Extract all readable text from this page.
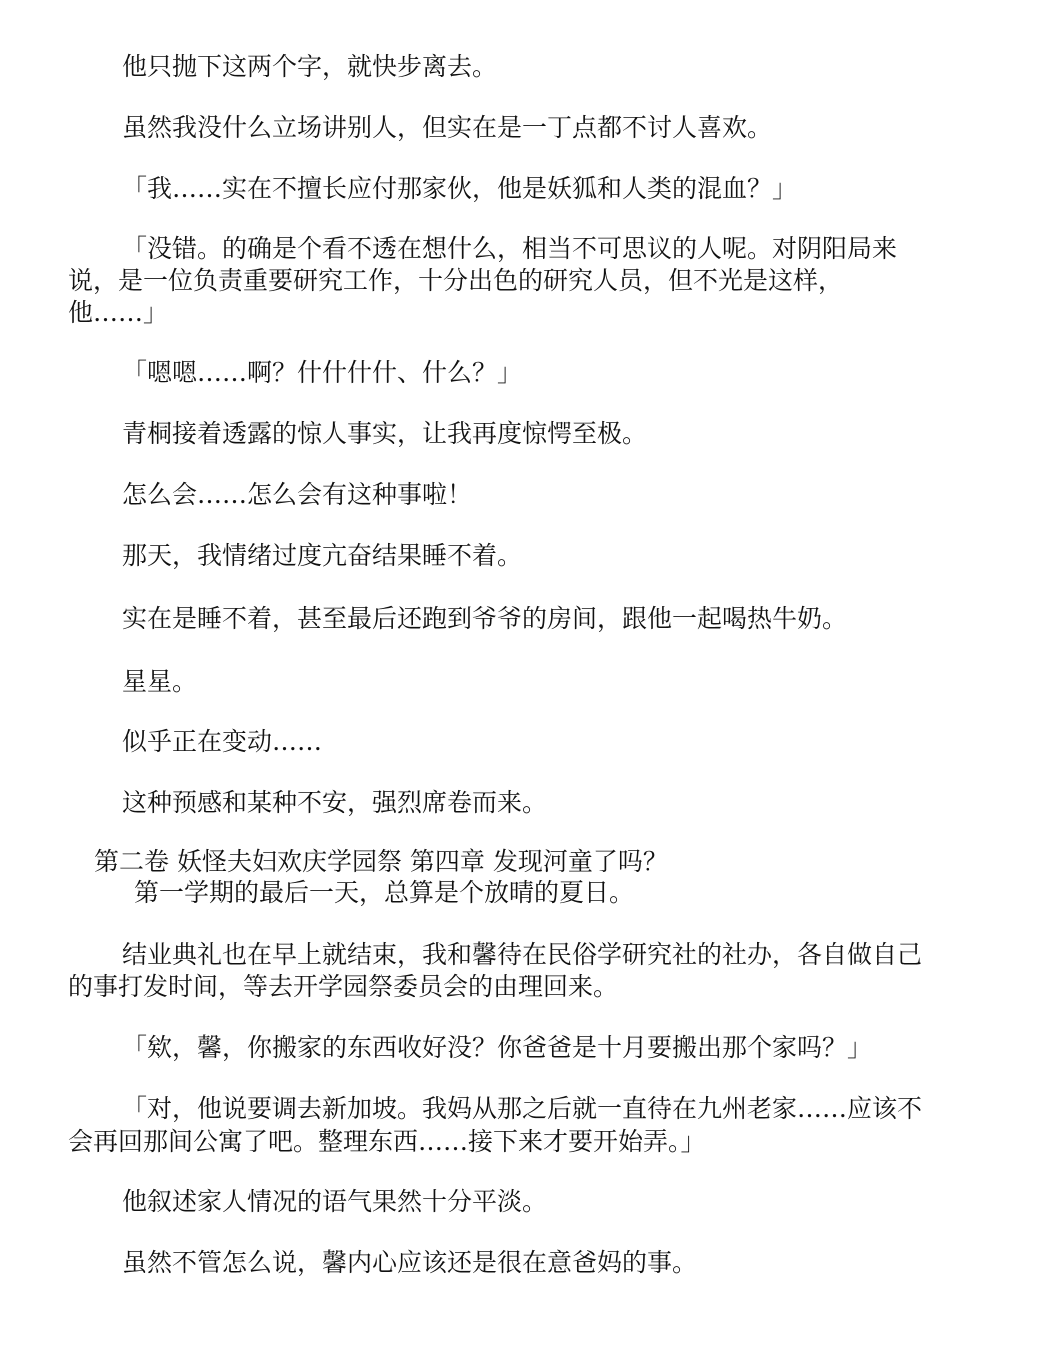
他只抛下这两个字，就快步离去。
虽然我没什么立场讲别人，但实在是一丁点都不讨人喜欢。
「我……实在不擅长应付那家伙，他是妖狐和人类的混血？」
「没错。的确是个看不透在想什么，相当不可思议的人呢。对阴阳局来
说，是一位负责重要研究工作，十分出色的研究人员，但不光是这样，
他……」
「嗯嗯……啊？什什什什、什么？」
青桐接着透露的惊人事实，让我再度惊愕至极。
怎么会……怎么会有这种事啦！
那天，我情绪过度亢奋结果睡不着。
实在是睡不着，甚至最后还跑到爷爷的房间，跟他一起喝热牛奶。
星星。
似乎正在变动……
这种预感和某种不安，强烈席卷而来。
第二卷 妖怪夫妇欢庆学园祭 第四章 发现河童了吗？
第一学期的最后一天，总算是个放晴的夏日。
结业典礼也在早上就结束，我和馨待在民俗学研究社的社办，各自做自己
的事打发时间，等去开学园祭委员会的由理回来。
「欸，馨，你搬家的东西收好没？你爸爸是十月要搬出那个家吗？」
「对，他说要调去新加坡。我妈从那之后就一直待在九州老家……应该不
会再回那间公寓了吧。整理东西……接下来才要开始弄。」
他叙述家人情况的语气果然十分平淡。
虽然不管怎么说，馨内心应该还是很在意爸妈的事。
